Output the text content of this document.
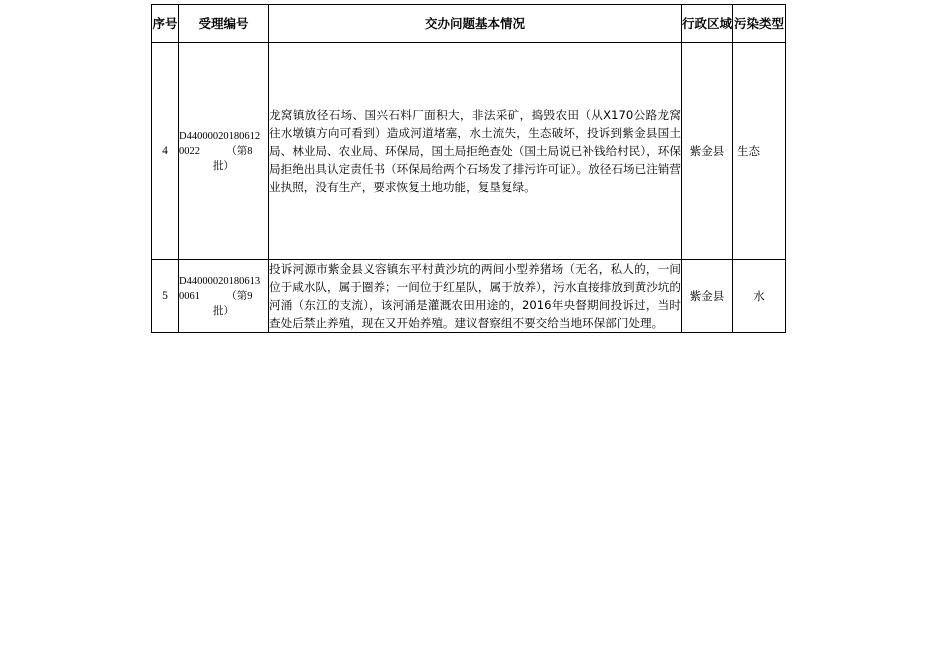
序号	受理编号	交办问题基本情况	行政区域	污染类型
4	D44000020180612
0022　　　（第8
批）	龙窝镇放径石场、国兴石料厂面积大，非法采矿，捣毁农田（从X170公路龙窝往水墩镇方向可看到）造成河道堵塞，水土流失，生态破坏，投诉到紫金县国土局、林业局、农业局、环保局，国土局拒绝查处（国土局说已补钱给村民），环保局拒绝出具认定责任书（环保局给两个石场发了排污许可证）。放径石场已注销营业执照，没有生产，要求恢复土地功能，复垦复绿。	紫金县	生态
5	D44000020180613
0061　　　（第9
批）	投诉河源市紫金县义容镇东平村黄沙坑的两间小型养猪场（无名，私人的，一间位于咸水队，属于圈养；一间位于红星队，属于放养），污水直接排放到黄沙坑的河涌（东江的支流），该河涌是灌溉农田用途的，2016年央督期间投诉过，当时查处后禁止养殖，现在又开始养殖。建议督察组不要交给当地环保部门处理。	紫金县	水
